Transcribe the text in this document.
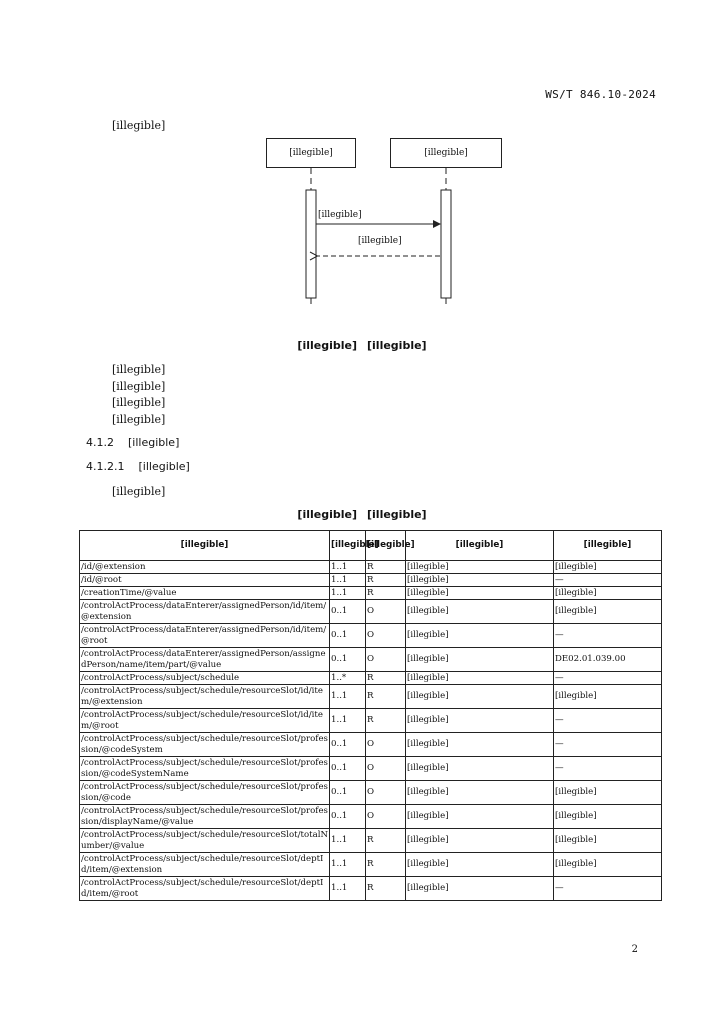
WS/T 846.10-2024
[illegible]
[illegible]	[illegible]
[illegible]
[illegible]
[illegible] [illegible]
[illegible]
[illegible]
[illegible]
[illegible]
4.1.2 [illegible]
4.1.2.1 [illegible]
[illegible]
[illegible] [illegible]
[illegible]	[illegible]	[illegible]	[illegible]	[illegible]
/id/@extension	1..1	R	[illegible]	[illegible]
/id/@root	1..1	R	[illegible]	—
/creationTime/@value	1..1	R	[illegible]	[illegible]
/controlActProcess/dataEnterer/assignedPerson/id/item/@extension	0..1	O	[illegible]	[illegible]
/controlActProcess/dataEnterer/assignedPerson/id/item/@root	0..1	O	[illegible]	—
/controlActProcess/dataEnterer/assignedPerson/assignedPerson/name/item/part/@value	0..1	O	[illegible]	DE02.01.039.00
/controlActProcess/subject/schedule	1..*	R	[illegible]	—
/controlActProcess/subject/schedule/resourceSlot/id/item/@extension	1..1	R	[illegible]	[illegible]
/controlActProcess/subject/schedule/resourceSlot/id/item/@root	1..1	R	[illegible]	—
/controlActProcess/subject/schedule/resourceSlot/profession/@codeSystem	0..1	O	[illegible]	—
/controlActProcess/subject/schedule/resourceSlot/profession/@codeSystemName	0..1	O	[illegible]	—
/controlActProcess/subject/schedule/resourceSlot/profession/@code	0..1	O	[illegible]	[illegible]
/controlActProcess/subject/schedule/resourceSlot/profession/displayName/@value	0..1	O	[illegible]	[illegible]
/controlActProcess/subject/schedule/resourceSlot/totalNumber/@value	1..1	R	[illegible]	[illegible]
/controlActProcess/subject/schedule/resourceSlot/deptId/item/@extension	1..1	R	[illegible]	[illegible]
/controlActProcess/subject/schedule/resourceSlot/deptId/item/@root	1..1	R	[illegible]	—
2
